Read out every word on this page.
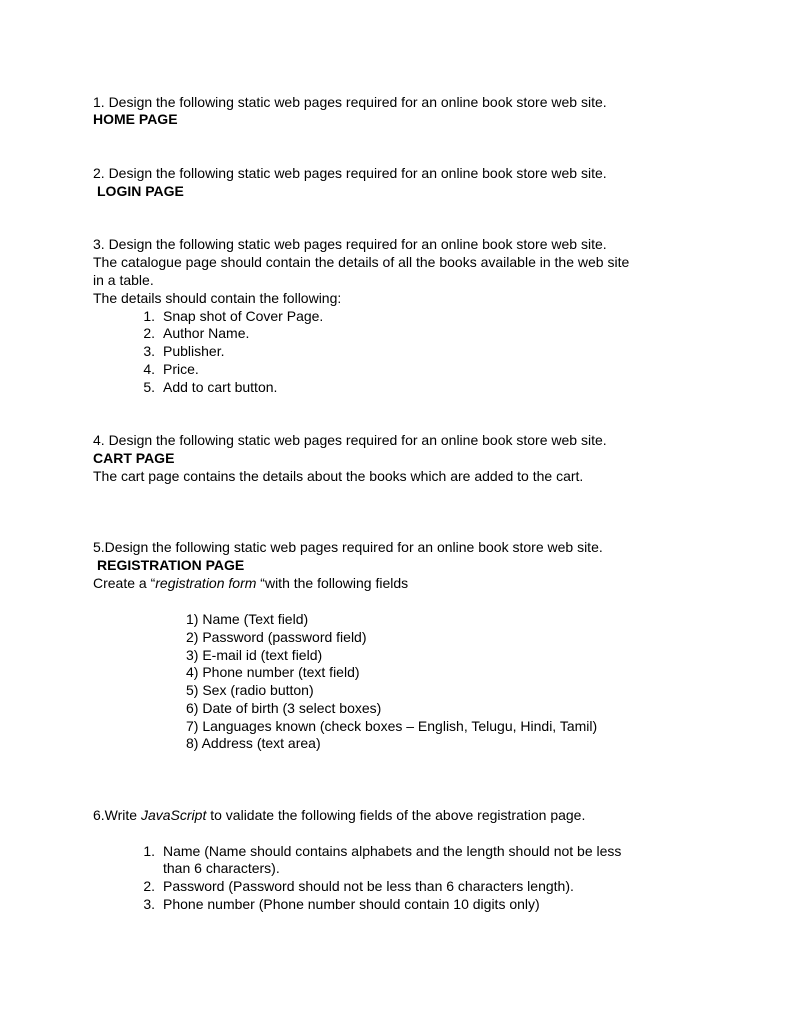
1. Design the following static web pages required for an online book store web site.
HOME PAGE
2. Design the following static web pages required for an online book store web site.
LOGIN PAGE
3. Design the following static web pages required for an online book store web site.
The catalogue page should contain the details of all the books available in the web site
in a table.
The details should contain the following:
1. Snap shot of Cover Page.
2. Author Name.
3. Publisher.
4. Price.
5. Add to cart button.
4. Design the following static web pages required for an online book store web site.
CART PAGE
The cart page contains the details about the books which are added to the cart.
5.Design the following static web pages required for an online book store web site.
REGISTRATION PAGE
Create a “registration form “with the following fields
1) Name (Text field)
2) Password (password field)
3) E-mail id (text field)
4) Phone number (text field)
5) Sex (radio button)
6) Date of birth (3 select boxes)
7) Languages known (check boxes – English, Telugu, Hindi, Tamil)
8) Address (text area)
6.Write JavaScript to validate the following fields of the above registration page.
1. Name (Name should contains alphabets and the length should not be less
than 6 characters).
2. Password (Password should not be less than 6 characters length).
3. Phone number (Phone number should contain 10 digits only)
